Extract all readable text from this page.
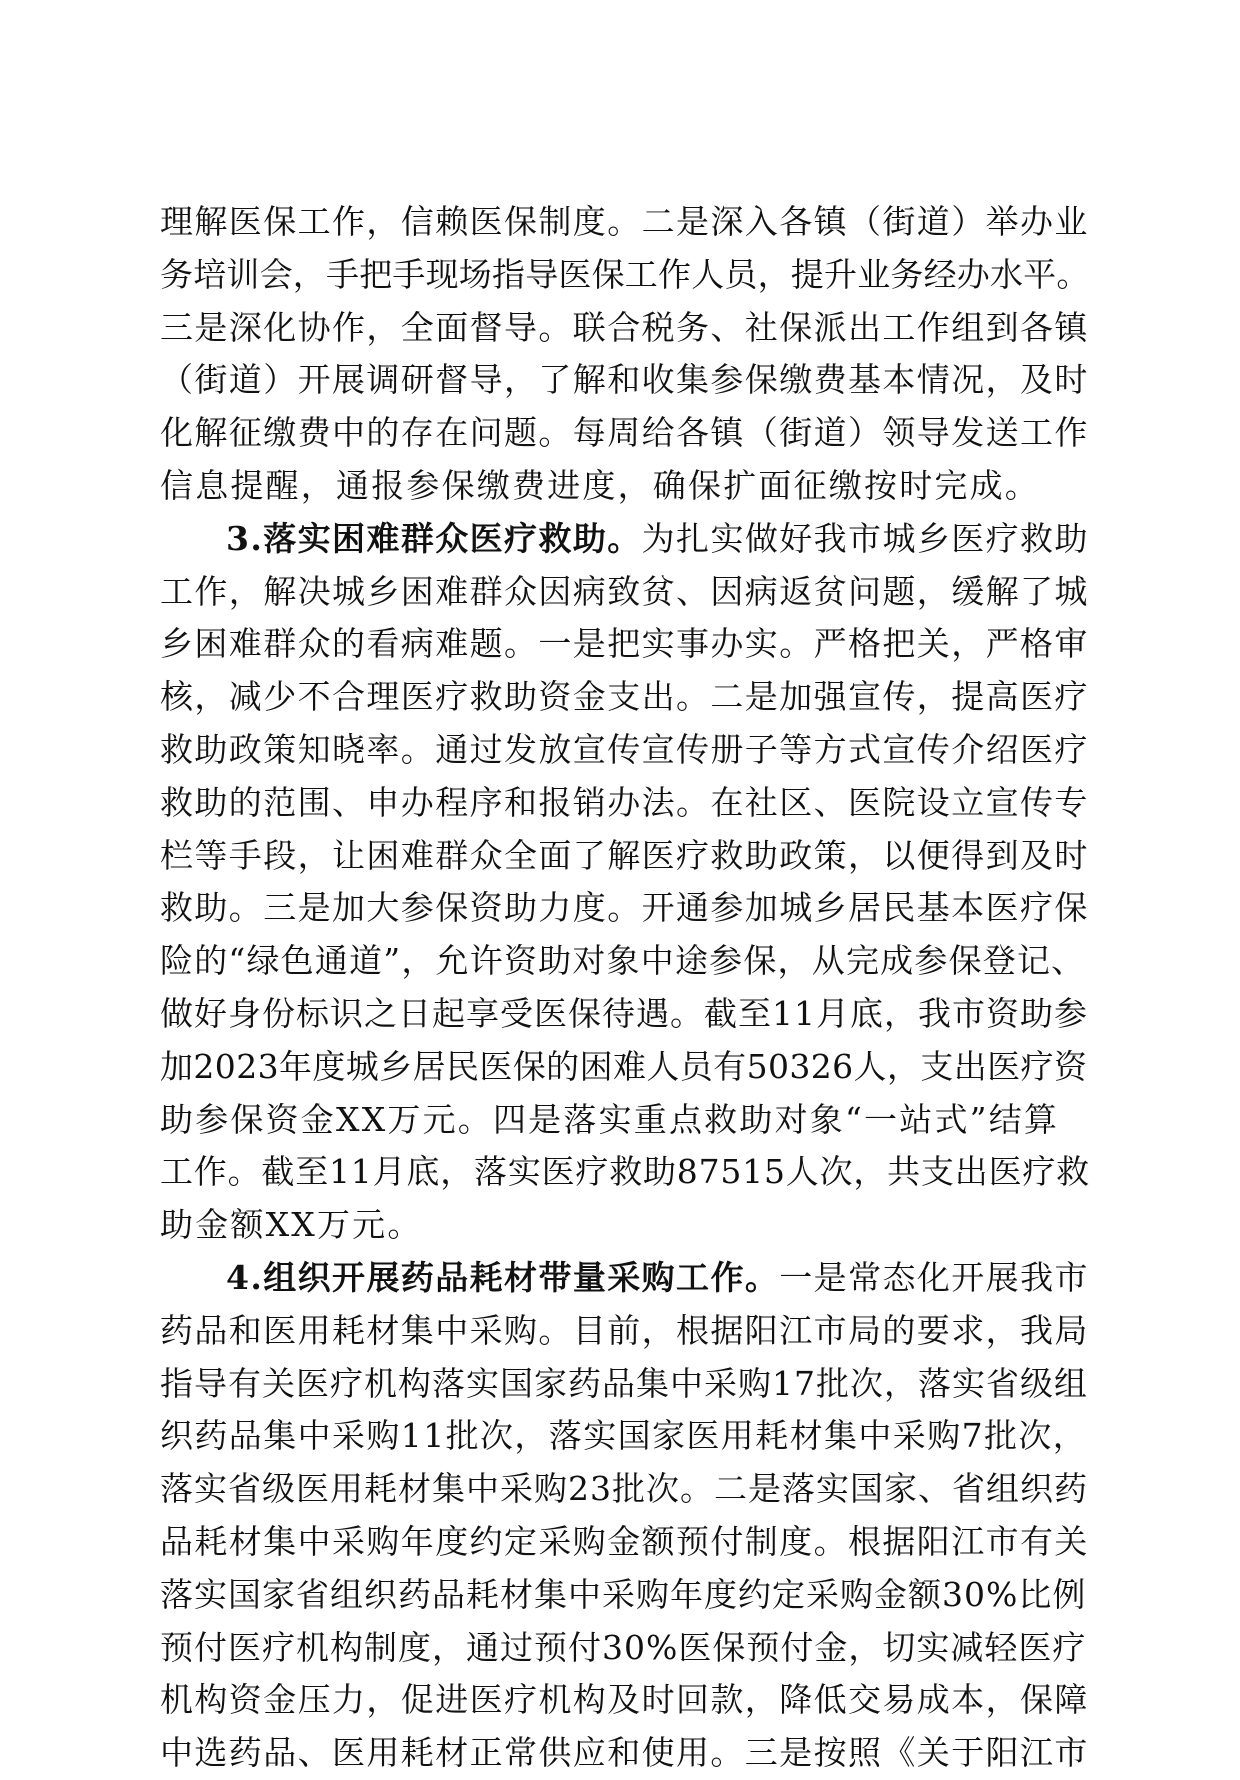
理解医保工作，信赖医保制度。二是深入各镇（街道）举办业
务培训会，手把手现场指导医保工作人员，提升业务经办水平。
三是深化协作，全面督导。联合税务、社保派出工作组到各镇
（街道）开展调研督导，了解和收集参保缴费基本情况，及时
化解征缴费中的存在问题。每周给各镇（街道）领导发送工作
信息提醒，通报参保缴费进度，确保扩面征缴按时完成。
3.落实困难群众医疗救助。为扎实做好我市城乡医疗救助
工作，解决城乡困难群众因病致贫、因病返贫问题，缓解了城
乡困难群众的看病难题。一是把实事办实。严格把关，严格审
核，减少不合理医疗救助资金支出。二是加强宣传，提高医疗
救助政策知晓率。通过发放宣传宣传册子等方式宣传介绍医疗
救助的范围、申办程序和报销办法。在社区、医院设立宣传专
栏等手段，让困难群众全面了解医疗救助政策，以便得到及时
救助。三是加大参保资助力度。开通参加城乡居民基本医疗保
险的“绿色通道”，允许资助对象中途参保，从完成参保登记、
做好身份标识之日起享受医保待遇。截至11月底，我市资助参
加2023年度城乡居民医保的困难人员有50326人，支出医疗资
助参保资金XX万元。四是落实重点救助对象“一站式”结算
工作。截至11月底，落实医疗救助87515人次，共支出医疗救
助金额XX万元。
4.组织开展药品耗材带量采购工作。一是常态化开展我市
药品和医用耗材集中采购。目前，根据阳江市局的要求，我局
指导有关医疗机构落实国家药品集中采购17批次，落实省级组
织药品集中采购11批次，落实国家医用耗材集中采购7批次，
落实省级医用耗材集中采购23批次。二是落实国家、省组织药
品耗材集中采购年度约定采购金额预付制度。根据阳江市有关
落实国家省组织药品耗材集中采购年度约定采购金额30%比例
预付医疗机构制度，通过预付30%医保预付金，切实减轻医疗
机构资金压力，促进医疗机构及时回款，降低交易成本，保障
中选药品、医用耗材正常供应和使用。三是按照《关于阳江市
